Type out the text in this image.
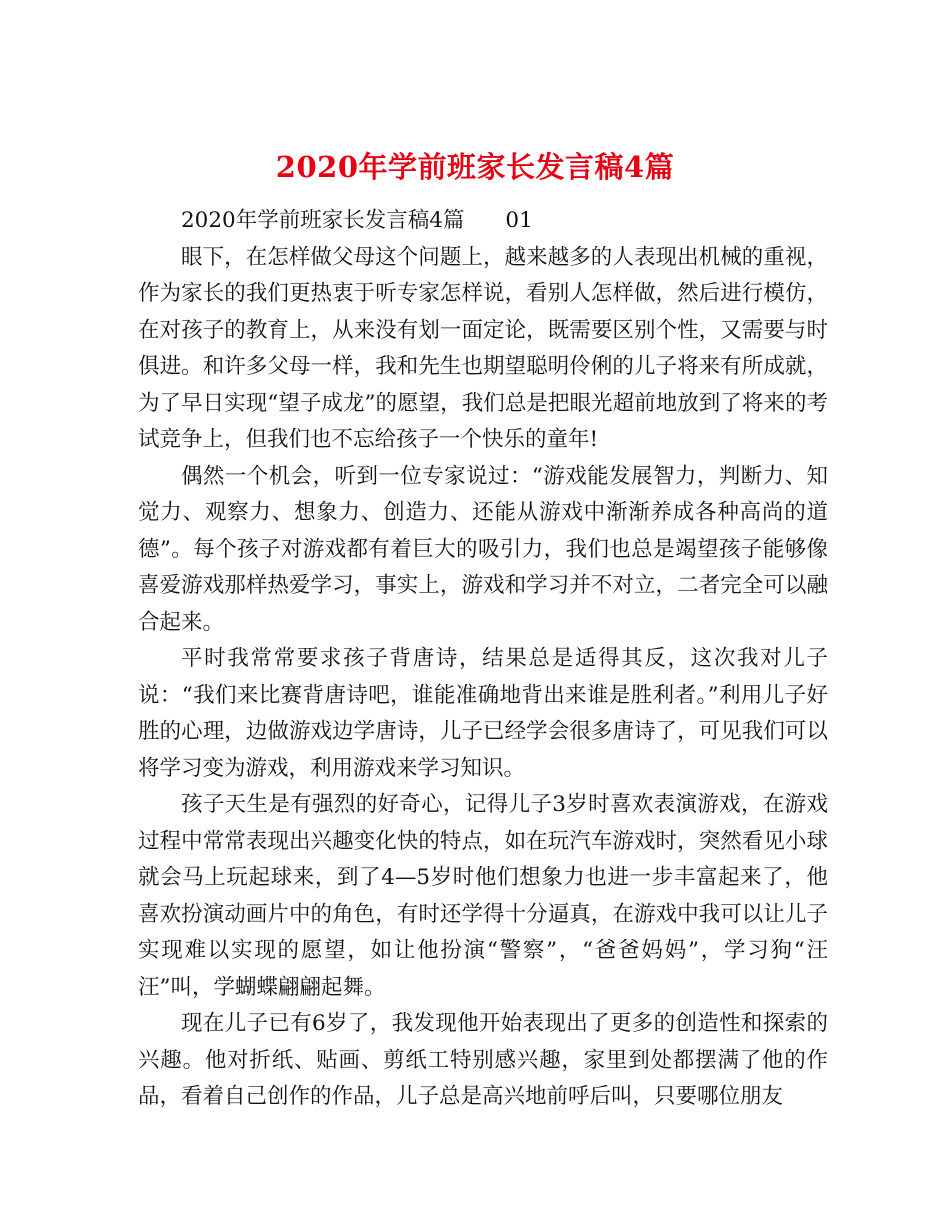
2020年学前班家长发言稿4篇

2020年学前班家长发言稿4篇      01

眼下，在怎样做父母这个问题上，越来越多的人表现出机械的重视，作为家长的我们更热衷于听专家怎样说，看别人怎样做，然后进行模仿，在对孩子的教育上，从来没有划一面定论，既需要区别个性，又需要与时俱进。和许多父母一样，我和先生也期望聪明伶俐的儿子将来有所成就，为了早日实现“望子成龙”的愿望，我们总是把眼光超前地放到了将来的考试竞争上，但我们也不忘给孩子一个快乐的童年!

偶然一个机会，听到一位专家说过：“游戏能发展智力，判断力、知觉力、观察力、想象力、创造力、还能从游戏中渐渐养成各种高尚的道德”。每个孩子对游戏都有着巨大的吸引力，我们也总是竭望孩子能够像喜爱游戏那样热爱学习，事实上，游戏和学习并不对立，二者完全可以融合起来。

平时我常常要求孩子背唐诗，结果总是适得其反，这次我对儿子说：“我们来比赛背唐诗吧，谁能准确地背出来谁是胜利者。”利用儿子好胜的心理，边做游戏边学唐诗，儿子已经学会很多唐诗了，可见我们可以将学习变为游戏，利用游戏来学习知识。

孩子天生是有强烈的好奇心，记得儿子3岁时喜欢表演游戏，在游戏过程中常常表现出兴趣变化快的特点，如在玩汽车游戏时，突然看见小球就会马上玩起球来，到了4—5岁时他们想象力也进一步丰富起来了，他喜欢扮演动画片中的角色，有时还学得十分逼真，在游戏中我可以让儿子实现难以实现的愿望，如让他扮演“警察”，“爸爸妈妈”，学习狗“汪汪”叫，学蝴蝶翩翩起舞。

现在儿子已有6岁了，我发现他开始表现出了更多的创造性和探索的兴趣。他对折纸、贴画、剪纸工特别感兴趣，家里到处都摆满了他的作品，看着自己创作的作品，儿子总是高兴地前呼后叫，只要哪位朋友
